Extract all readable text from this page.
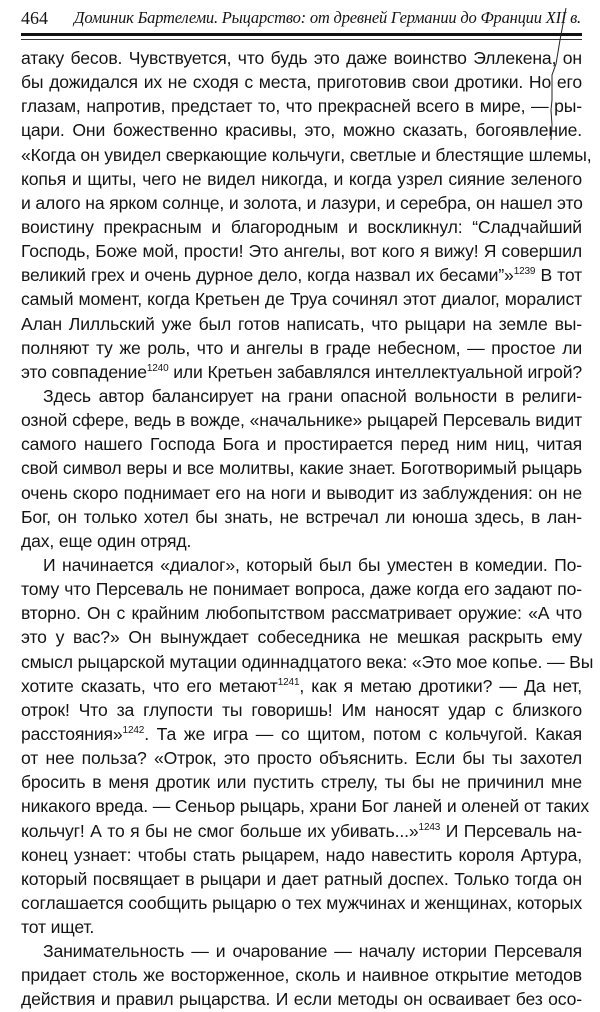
464 Доминик Бартелеми. Рыцарство: от древней Германии до Франции XII в.
атаку бесов. Чувствуется, что будь это даже воинство Эллекена, он
бы дожидался их не сходя с места, приготовив свои дротики. Но его
глазам, напротив, предстает то, что прекрасней всего в мире, — ры-
цари. Они божественно красивы, это, можно сказать, богоявление.
«Когда он увидел сверкающие кольчуги, светлые и блестящие шлемы,
копья и щиты, чего не видел никогда, и когда узрел сияние зеленого
и алого на ярком солнце, и золота, и лазури, и серебра, он нашел это
воистину прекрасным и благородным и воскликнул: “Сладчайший
Господь, Боже мой, прости! Это ангелы, вот кого я вижу! Я совершил
великий грех и очень дурное дело, когда назвал их бесами”»$^{1239}$ В тот
самый момент, когда Кретьен де Труа сочинял этот диалог, моралист
Алан Лилльский уже был готов написать, что рыцари на земле вы-
полняют ту же роль, что и ангелы в граде небесном, — простое ли
это совпадение$^{1240}$ или Кретьен забавлялся интеллектуальной игрой?
Здесь автор балансирует на грани опасной вольности в религи-
озной сфере, ведь в вожде, «начальнике» рыцарей Персеваль видит
самого нашего Господа Бога и простирается перед ним ниц, читая
свой символ веры и все молитвы, какие знает. Боготворимый рыцарь
очень скоро поднимает его на ноги и выводит из заблуждения: он не
Бог, он только хотел бы знать, не встречал ли юноша здесь, в лан-
дах, еще один отряд.
И начинается «диалог», который был бы уместен в комедии. По-
тому что Персеваль не понимает вопроса, даже когда его задают по-
вторно. Он с крайним любопытством рассматривает оружие: «А что
это у вас?» Он вынуждает собеседника не мешкая раскрыть ему
смысл рыцарской мутации одиннадцатого века: «Это мое копье. — Вы
хотите сказать, что его метают$^{1241}$, как я метаю дротики? — Да нет,
отрок! Что за глупости ты говоришь! Им наносят удар с близкого
расстояния»$^{1242}$. Та же игра — со щитом, потом с кольчугой. Какая
от нее польза? «Отрок, это просто объяснить. Если бы ты захотел
бросить в меня дротик или пустить стрелу, ты бы не причинил мне
никакого вреда. — Сеньор рыцарь, храни Бог ланей и оленей от таких
кольчуг! А то я бы не смог больше их убивать...»$^{1243}$ И Персеваль на-
конец узнает: чтобы стать рыцарем, надо навестить короля Артура,
который посвящает в рыцари и дает ратный доспех. Только тогда он
соглашается сообщить рыцарю о тех мужчинах и женщинах, которых
тот ищет.
Занимательность — и очарование — началу истории Персеваля
придает столь же восторженное, сколь и наивное открытие методов
действия и правил рыцарства. И если методы он осваивает без осо-
